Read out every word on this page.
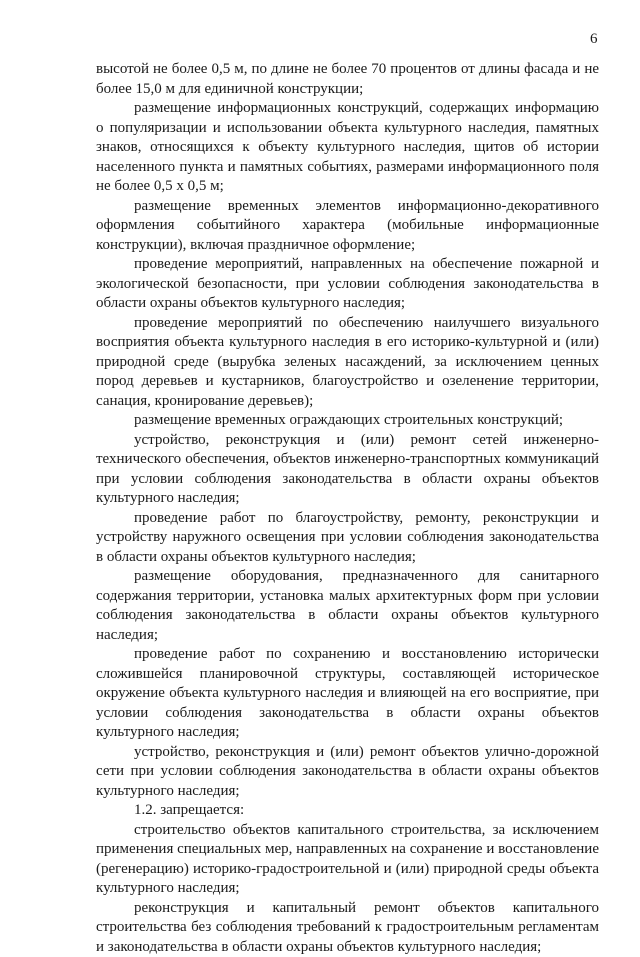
6

высотой не более 0,5 м, по длине не более 70 процентов от длины фасада и не более 15,0 м для единичной конструкции;

размещение информационных конструкций, содержащих информацию о популяризации и использовании объекта культурного наследия, памятных знаков, относящихся к объекту культурного наследия, щитов об истории населенного пункта и памятных событиях, размерами информационного поля не более 0,5 х 0,5 м;

размещение временных элементов информационно-декоративного оформления событийного характера (мобильные информационные конструкции), включая праздничное оформление;

проведение мероприятий, направленных на обеспечение пожарной и экологической безопасности, при условии соблюдения законодательства в области охраны объектов культурного наследия;

проведение мероприятий по обеспечению наилучшего визуального восприятия объекта культурного наследия в его историко-культурной и (или) природной среде (вырубка зеленых насаждений, за исключением ценных пород деревьев и кустарников, благоустройство и озеленение территории, санация, кронирование деревьев);

размещение временных ограждающих строительных конструкций;

устройство, реконструкция и (или) ремонт сетей инженерно-технического обеспечения, объектов инженерно-транспортных коммуникаций при условии соблюдения законодательства в области охраны объектов культурного наследия;

проведение работ по благоустройству, ремонту, реконструкции и устройству наружного освещения при условии соблюдения законодательства в области охраны объектов культурного наследия;

размещение оборудования, предназначенного для санитарного содержания территории, установка малых архитектурных форм при условии соблюдения законодательства в области охраны объектов культурного наследия;

проведение работ по сохранению и восстановлению исторически сложившейся планировочной структуры, составляющей историческое окружение объекта культурного наследия и влияющей на его восприятие, при условии соблюдения законодательства в области охраны объектов культурного наследия;

устройство, реконструкция и (или) ремонт объектов улично-дорожной сети при условии соблюдения законодательства в области охраны объектов культурного наследия;

1.2. запрещается:

строительство объектов капитального строительства, за исключением применения специальных мер, направленных на сохранение и восстановление (регенерацию) историко-градостроительной и (или) природной среды объекта культурного наследия;

реконструкция и капитальный ремонт объектов капитального строительства без соблюдения требований к градостроительным регламентам и законодательства в области охраны объектов культурного наследия;
